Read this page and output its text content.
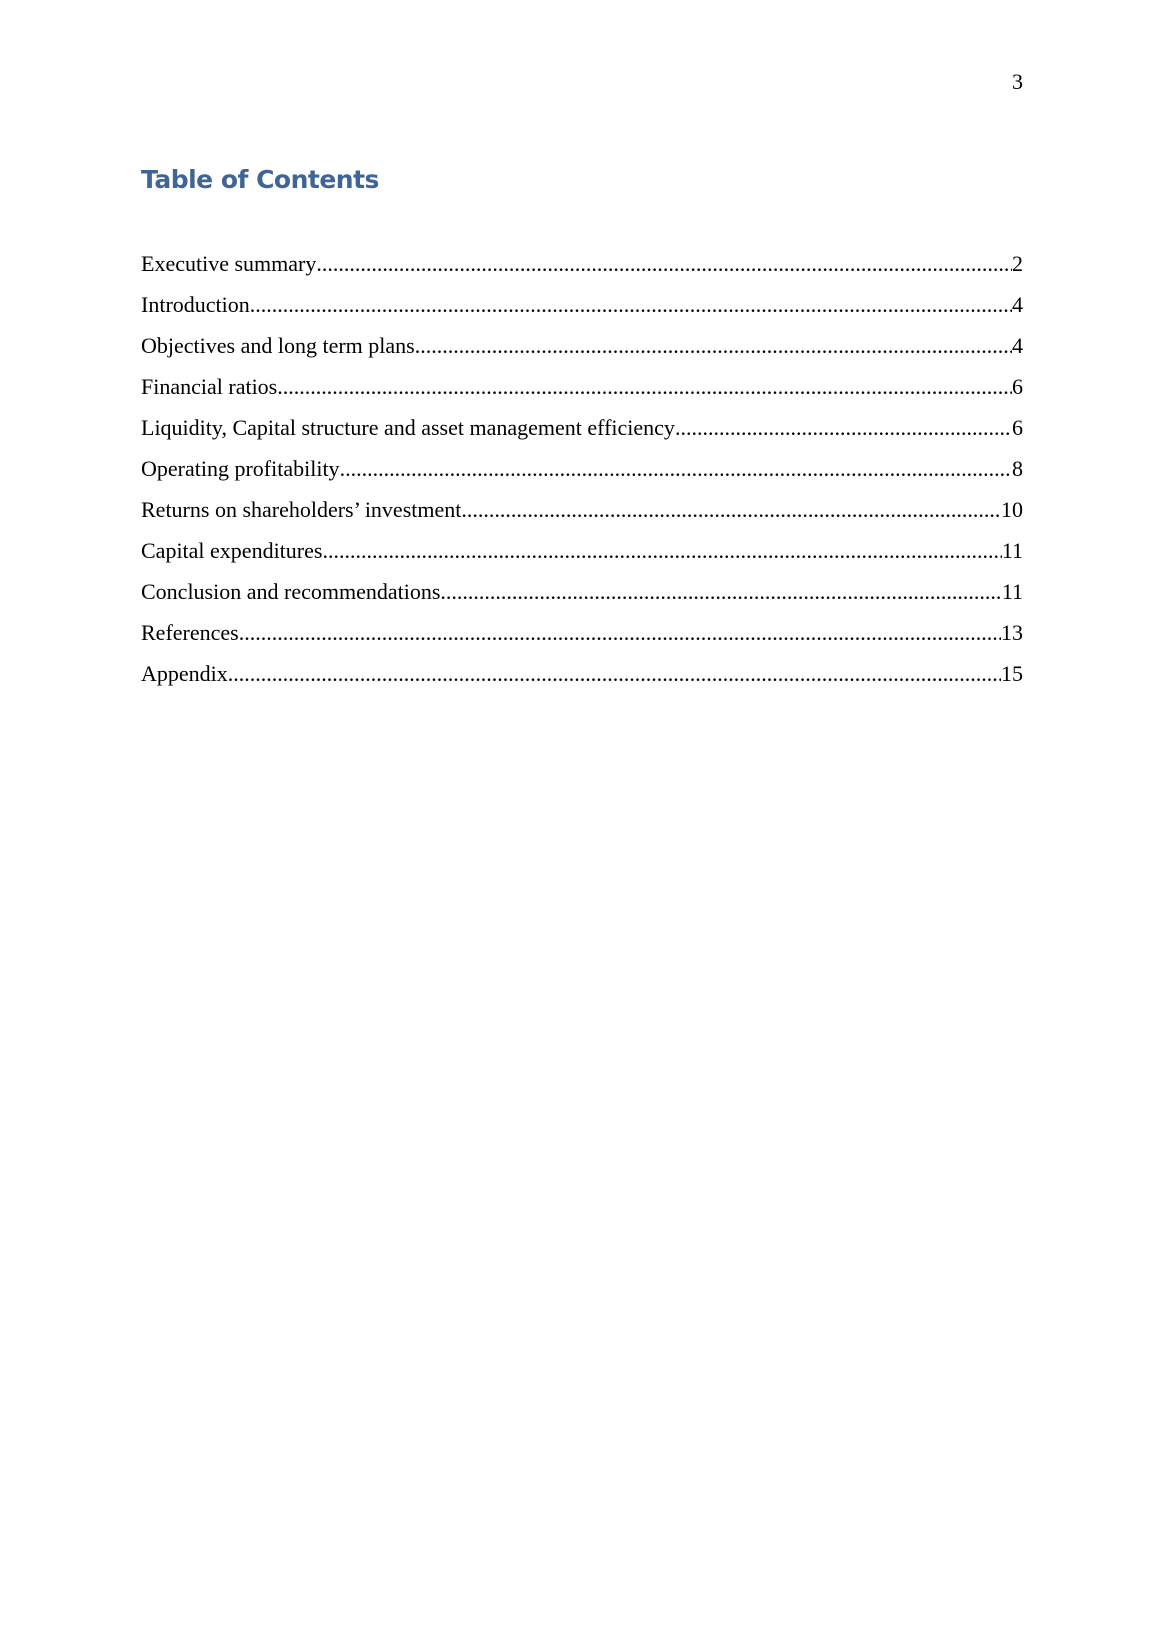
3
Table of Contents
Executive summary .....	2
Introduction .....	4
Objectives and long term plans .....	4
Financial ratios .....	6
Liquidity, Capital structure and asset management efficiency .....	6
Operating profitability .....	8
Returns on shareholders’ investment .....	10
Capital expenditures .....	11
Conclusion and recommendations .....	11
References .....	13
Appendix .....	15
